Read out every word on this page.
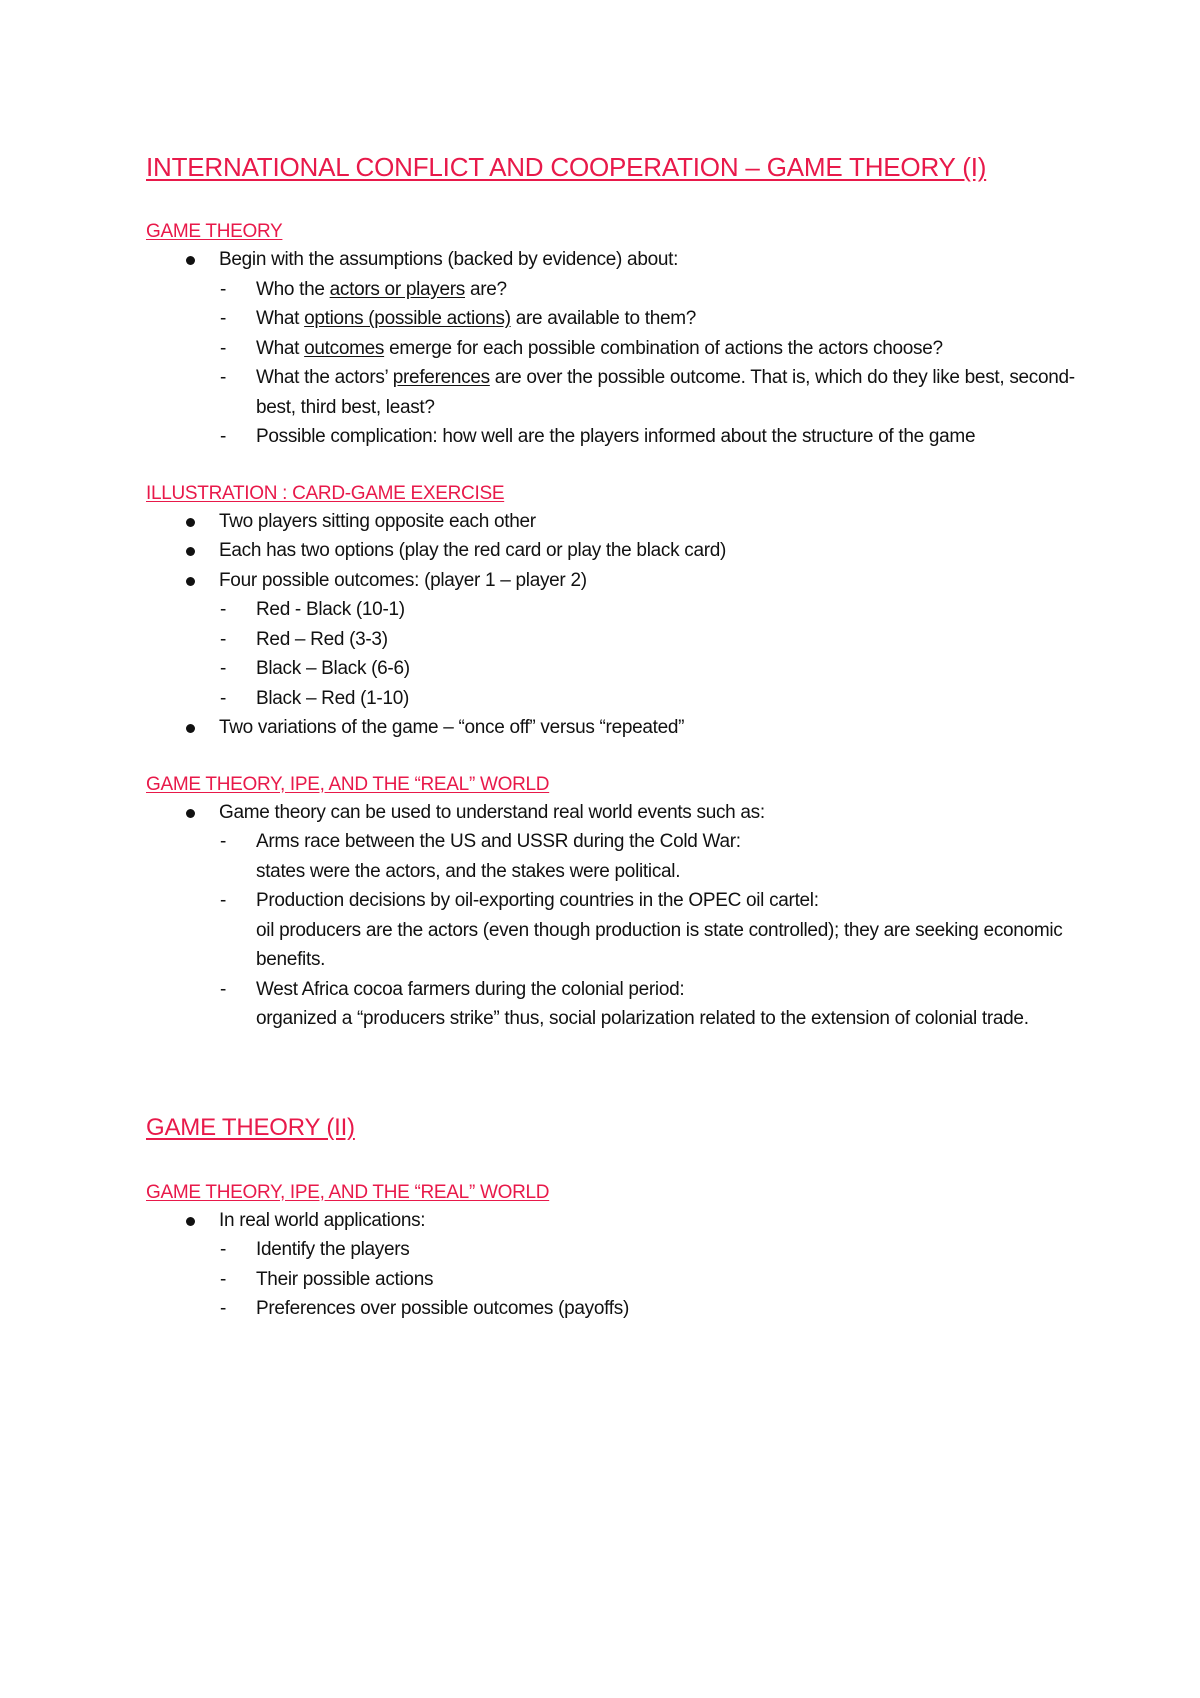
INTERNATIONAL CONFLICT AND COOPERATION – GAME THEORY (I)
GAME THEORY
Begin with the assumptions (backed by evidence) about:
- Who the actors or players are?
- What options (possible actions) are available to them?
- What outcomes emerge for each possible combination of actions the actors choose?
- What the actors’ preferences are over the possible outcome. That is, which do they like best, second-best, third best, least?
- Possible complication: how well are the players informed about the structure of the game
ILLUSTRATION : CARD-GAME EXERCISE
Two players sitting opposite each other
Each has two options (play the red card or play the black card)
Four possible outcomes: (player 1 – player 2)
- Red - Black (10-1)
- Red – Red (3-3)
- Black – Black (6-6)
- Black – Red (1-10)
Two variations of the game – “once off” versus “repeated”
GAME THEORY, IPE, AND THE “REAL” WORLD
Game theory can be used to understand real world events such as:
- Arms race between the US and USSR during the Cold War:
states were the actors, and the stakes were political.
- Production decisions by oil-exporting countries in the OPEC oil cartel:
oil producers are the actors (even though production is state controlled); they are seeking economic benefits.
- West Africa cocoa farmers during the colonial period:
organized a “producers strike” thus, social polarization related to the extension of colonial trade.
GAME THEORY (II)
GAME THEORY, IPE, AND THE “REAL” WORLD
In real world applications:
- Identify the players
- Their possible actions
- Preferences over possible outcomes (payoffs)
